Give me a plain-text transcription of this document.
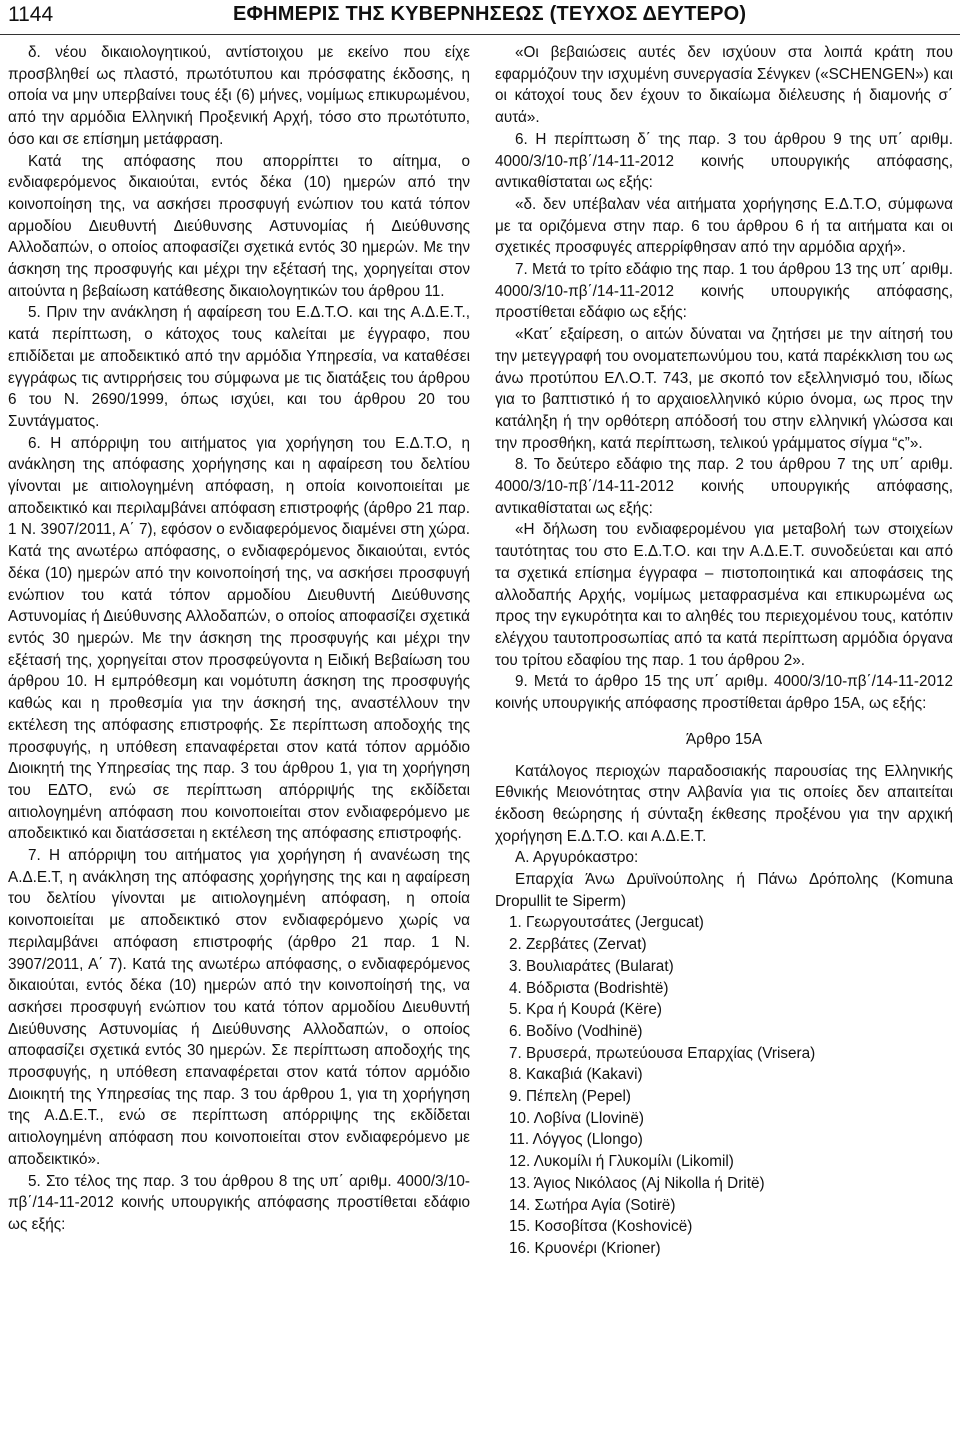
1144	ΕΦΗΜΕΡΙΣ ΤΗΣ ΚΥΒΕΡΝΗΣΕΩΣ (ΤΕΥΧΟΣ ΔΕΥΤΕΡΟ)

δ. νέου δικαιολογητικού, αντίστοιχου με εκείνο που είχε προσβληθεί ως πλαστό, πρωτότυπου και πρόσφατης έκδοσης, η οποία να μην υπερβαίνει τους έξι (6) μήνες, νομίμως επικυρωμένου, από την αρμόδια Ελληνική Προξενική Αρχή, τόσο στο πρωτότυπο, όσο και σε επίσημη μετάφραση.

Κατά της απόφασης που απορρίπτει το αίτημα, ο ενδιαφερόμενος δικαιούται, εντός δέκα (10) ημερών από την κοινοποίηση της, να ασκήσει προσφυγή ενώπιον του κατά τόπον αρμοδίου Διευθυντή Διεύθυνσης Αστυνομίας ή Διεύθυνσης Αλλοδαπών, ο οποίος αποφασίζει σχετικά εντός 30 ημερών. Με την άσκηση της προσφυγής και μέχρι την εξέτασή της, χορηγείται στον αιτούντα η βεβαίωση κατάθεσης δικαιολογητικών του άρθρου 11.

5. Πριν την ανάκληση ή αφαίρεση του Ε.Δ.Τ.Ο. και της Α.Δ.Ε.Τ., κατά περίπτωση, ο κάτοχος τους καλείται με έγγραφο, που επιδίδεται με αποδεικτικό από την αρμόδια Υπηρεσία, να καταθέσει εγγράφως τις αντιρρήσεις του σύμφωνα με τις διατάξεις του άρθρου 6 του Ν. 2690/1999, όπως ισχύει, και του άρθρου 20 του Συντάγματος.

6. Η απόρριψη του αιτήματος για χορήγηση του Ε.Δ.Τ.Ο, η ανάκληση της απόφασης χορήγησης και η αφαίρεση του δελτίου γίνονται με αιτιολογημένη απόφαση, η οποία κοινοποιείται με αποδεικτικό και περιλαμβάνει απόφαση επιστροφής (άρθρο 21 παρ. 1 Ν. 3907/2011, Α΄ 7), εφόσον ο ενδιαφερόμενος διαμένει στη χώρα. Κατά της ανωτέρω απόφασης, ο ενδιαφερόμενος δικαιούται, εντός δέκα (10) ημερών από την κοινοποίησή της, να ασκήσει προσφυγή ενώπιον του κατά τόπον αρμοδίου Διευθυντή Διεύθυνσης Αστυνομίας ή Διεύθυνσης Αλλοδαπών, ο οποίος αποφασίζει σχετικά εντός 30 ημερών. Με την άσκηση της προσφυγής και μέχρι την εξέτασή της, χορηγείται στον προσφεύγοντα η Ειδική Βεβαίωση του άρθρου 10. Η εμπρόθεσμη και νομότυπη άσκηση της προσφυγής καθώς και η προθεσμία για την άσκησή της, αναστέλλουν την εκτέλεση της απόφασης επιστροφής. Σε περίπτωση αποδοχής της προσφυγής, η υπόθεση επαναφέρεται στον κατά τόπον αρμόδιο Διοικητή της Υπηρεσίας της παρ. 3 του άρθρου 1, για τη χορήγηση του ΕΔΤΟ, ενώ σε περίπτωση απόρριψής της εκδίδεται αιτιολογημένη απόφαση που κοινοποιείται στον ενδιαφερόμενο με αποδεικτικό και διατάσσεται η εκτέλεση της απόφασης επιστροφής.

7. Η απόρριψη του αιτήματος για χορήγηση ή ανανέωση της Α.Δ.Ε.Τ, η ανάκληση της απόφασης χορήγησης της και η αφαίρεση του δελτίου γίνονται με αιτιολογημένη απόφαση, η οποία κοινοποιείται με αποδεικτικό στον ενδιαφερόμενο χωρίς να περιλαμβάνει απόφαση επιστροφής (άρθρο 21 παρ. 1 Ν. 3907/2011, Α΄ 7). Κατά της ανωτέρω απόφασης, ο ενδιαφερόμενος δικαιούται, εντός δέκα (10) ημερών από την κοινοποίησή της, να ασκήσει προσφυγή ενώπιον του κατά τόπον αρμοδίου Διευθυντή Διεύθυνσης Αστυνομίας ή Διεύθυνσης Αλλοδαπών, ο οποίος αποφασίζει σχετικά εντός 30 ημερών. Σε περίπτωση αποδοχής της προσφυγής, η υπόθεση επαναφέρεται στον κατά τόπον αρμόδιο Διοικητή της Υπηρεσίας της παρ. 3 του άρθρου 1, για τη χορήγηση της Α.Δ.Ε.Τ., ενώ σε περίπτωση απόρριψης της εκδίδεται αιτιολογημένη απόφαση που κοινοποιείται στον ενδιαφερόμενο με αποδεικτικό».

5. Στο τέλος της παρ. 3 του άρθρου 8 της υπ΄ αριθμ. 4000/3/10-πβ΄/14-11-2012 κοινής υπουργικής απόφασης προστίθεται εδάφιο ως εξής:

«Οι βεβαιώσεις αυτές δεν ισχύουν στα λοιπά κράτη που εφαρμόζουν την ισχυμένη συνεργασία Σένγκεν («SCHENGEN») και οι κάτοχοί τους δεν έχουν το δικαίωμα διέλευσης ή διαμονής σ΄ αυτά».

6. Η περίπτωση δ΄ της παρ. 3 του άρθρου 9 της υπ΄ αριθμ. 4000/3/10-πβ΄/14-11-2012 κοινής υπουργικής απόφασης, αντικαθίσταται ως εξής:

«δ. δεν υπέβαλαν νέα αιτήματα χορήγησης Ε.Δ.Τ.Ο, σύμφωνα με τα οριζόμενα στην παρ. 6 του άρθρου 6 ή τα αιτήματα και οι σχετικές προσφυγές απερρίφθησαν από την αρμόδια αρχή».

7. Μετά το τρίτο εδάφιο της παρ. 1 του άρθρου 13 της υπ΄ αριθμ. 4000/3/10-πβ΄/14-11-2012 κοινής υπουργικής απόφασης, προστίθεται εδάφιο ως εξής:

«Κατ΄ εξαίρεση, ο αιτών δύναται να ζητήσει με την αίτησή του την μετεγγραφή του ονοματεπωνύμου του, κατά παρέκκλιση του ως άνω προτύπου ΕΛ.Ο.Τ. 743, με σκοπό τον εξελληνισμό του, ιδίως για το βαπτιστικό ή το αρχαιοελληνικό κύριο όνομα, ως προς την κατάληξη ή την ορθότερη απόδοσή του στην ελληνική γλώσσα και την προσθήκη, κατά περίπτωση, τελικού γράμματος σίγμα “ς”».

8. Το δεύτερο εδάφιο της παρ. 2 του άρθρου 7 της υπ΄ αριθμ. 4000/3/10-πβ΄/14-11-2012 κοινής υπουργικής απόφασης, αντικαθίσταται ως εξής:

«Η δήλωση του ενδιαφερομένου για μεταβολή των στοιχείων ταυτότητας του στο Ε.Δ.Τ.Ο. και την Α.Δ.Ε.Τ. συνοδεύεται και από τα σχετικά επίσημα έγγραφα – πιστοποιητικά και αποφάσεις της αλλοδαπής Αρχής, νομίμως μεταφρασμένα και επικυρωμένα ως προς την εγκυρότητα και το αληθές του περιεχομένου τους, κατόπιν ελέγχου ταυτοπροσωπίας από τα κατά περίπτωση αρμόδια όργανα του τρίτου εδαφίου της παρ. 1 του άρθρου 2».

9. Μετά το άρθρο 15 της υπ΄ αριθμ. 4000/3/10-πβ΄/14-11-2012 κοινής υπουργικής απόφασης προστίθεται άρθρο 15Α, ως εξής:

Άρθρο 15Α

Κατάλογος περιοχών παραδοσιακής παρουσίας της Ελληνικής Εθνικής Μειονότητας στην Αλβανία για τις οποίες δεν απαιτείται έκδοση θεώρησης ή σύνταξη έκθεσης προξένου για την αρχική χορήγηση Ε.Δ.Τ.Ο. και Α.Δ.Ε.Τ.

Α. Αργυρόκαστρο:

Επαρχία Άνω Δρυϊνούπολης ή Πάνω Δρόπολης (Komuna Dropullit te Siperm)

1. Γεωργουτσάτες (Jergucat)
2. Ζερβάτες (Zervat)
3. Βουλιαράτες (Bularat)
4. Βόδριστα (Bodrishtë)
5. Κρα ή Κουρά (Këre)
6. Βοδίνο (Vodhinë)
7. Βρυσερά, πρωτεύουσα Επαρχίας (Vrisera)
8. Κακαβιά (Kakavi)
9. Πέπελη (Pepel)
10. Λοβίνα (Llovinë)
11. Λόγγος (Llongo)
12. Λυκομίλι ή Γλυκομίλι (Likomil)
13. Άγιος Νικόλαος (Aj Nikolla ή Dritë)
14. Σωτήρα Αγία (Sotirë)
15. Κοσοβίτσα (Koshovicë)
16. Κρυονέρι (Krioner)
